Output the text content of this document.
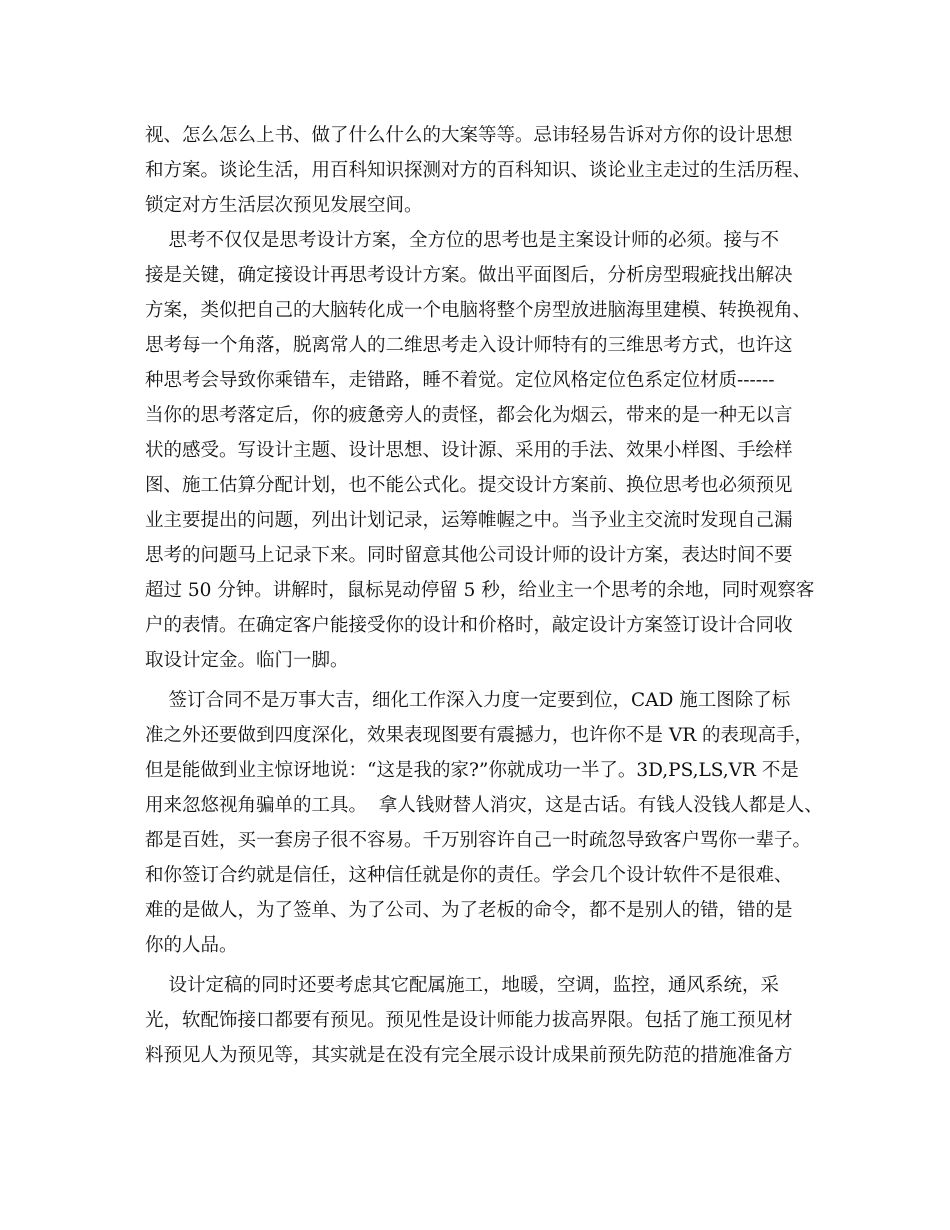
视、怎么怎么上书、做了什么什么的大案等等。忌讳轻易告诉对方你的设计思想
和方案。谈论生活，用百科知识探测对方的百科知识、谈论业主走过的生活历程、
锁定对方生活层次预见发展空间。
思考不仅仅是思考设计方案，全方位的思考也是主案设计师的必须。接与不
接是关键，确定接设计再思考设计方案。做出平面图后，分析房型瑕疵找出解决
方案，类似把自己的大脑转化成一个电脑将整个房型放进脑海里建模、转换视角、
思考每一个角落，脱离常人的二维思考走入设计师特有的三维思考方式，也许这
种思考会导致你乘错车，走错路，睡不着觉。定位风格定位色系定位材质------
当你的思考落定后，你的疲惫旁人的责怪，都会化为烟云，带来的是一种无以言
状的感受。写设计主题、设计思想、设计源、采用的手法、效果小样图、手绘样
图、施工估算分配计划，也不能公式化。提交设计方案前、换位思考也必须预见
业主要提出的问题，列出计划记录，运筹帷幄之中。当予业主交流时发现自己漏
思考的问题马上记录下来。同时留意其他公司设计师的设计方案，表达时间不要
超过 50 分钟。讲解时，鼠标晃动停留 5 秒，给业主一个思考的余地，同时观察客
户的表情。在确定客户能接受你的设计和价格时，敲定设计方案签订设计合同收
取设计定金。临门一脚。
签订合同不是万事大吉，细化工作深入力度一定要到位，CAD 施工图除了标
准之外还要做到四度深化，效果表现图要有震撼力，也许你不是 VR 的表现高手，
但是能做到业主惊讶地说：“这是我的家?”你就成功一半了。3D,PS,LS,VR 不是
用来忽悠视角骗单的工具。  拿人钱财替人消灾，这是古话。有钱人没钱人都是人、
都是百姓，买一套房子很不容易。千万别容许自己一时疏忽导致客户骂你一辈子。
和你签订合约就是信任，这种信任就是你的责任。学会几个设计软件不是很难、
难的是做人，为了签单、为了公司、为了老板的命令，都不是别人的错，错的是
你的人品。
设计定稿的同时还要考虑其它配属施工，地暖，空调，监控，通风系统，采
光，软配饰接口都要有预见。预见性是设计师能力拔高界限。包括了施工预见材
料预见人为预见等，其实就是在没有完全展示设计成果前预先防范的措施准备方
